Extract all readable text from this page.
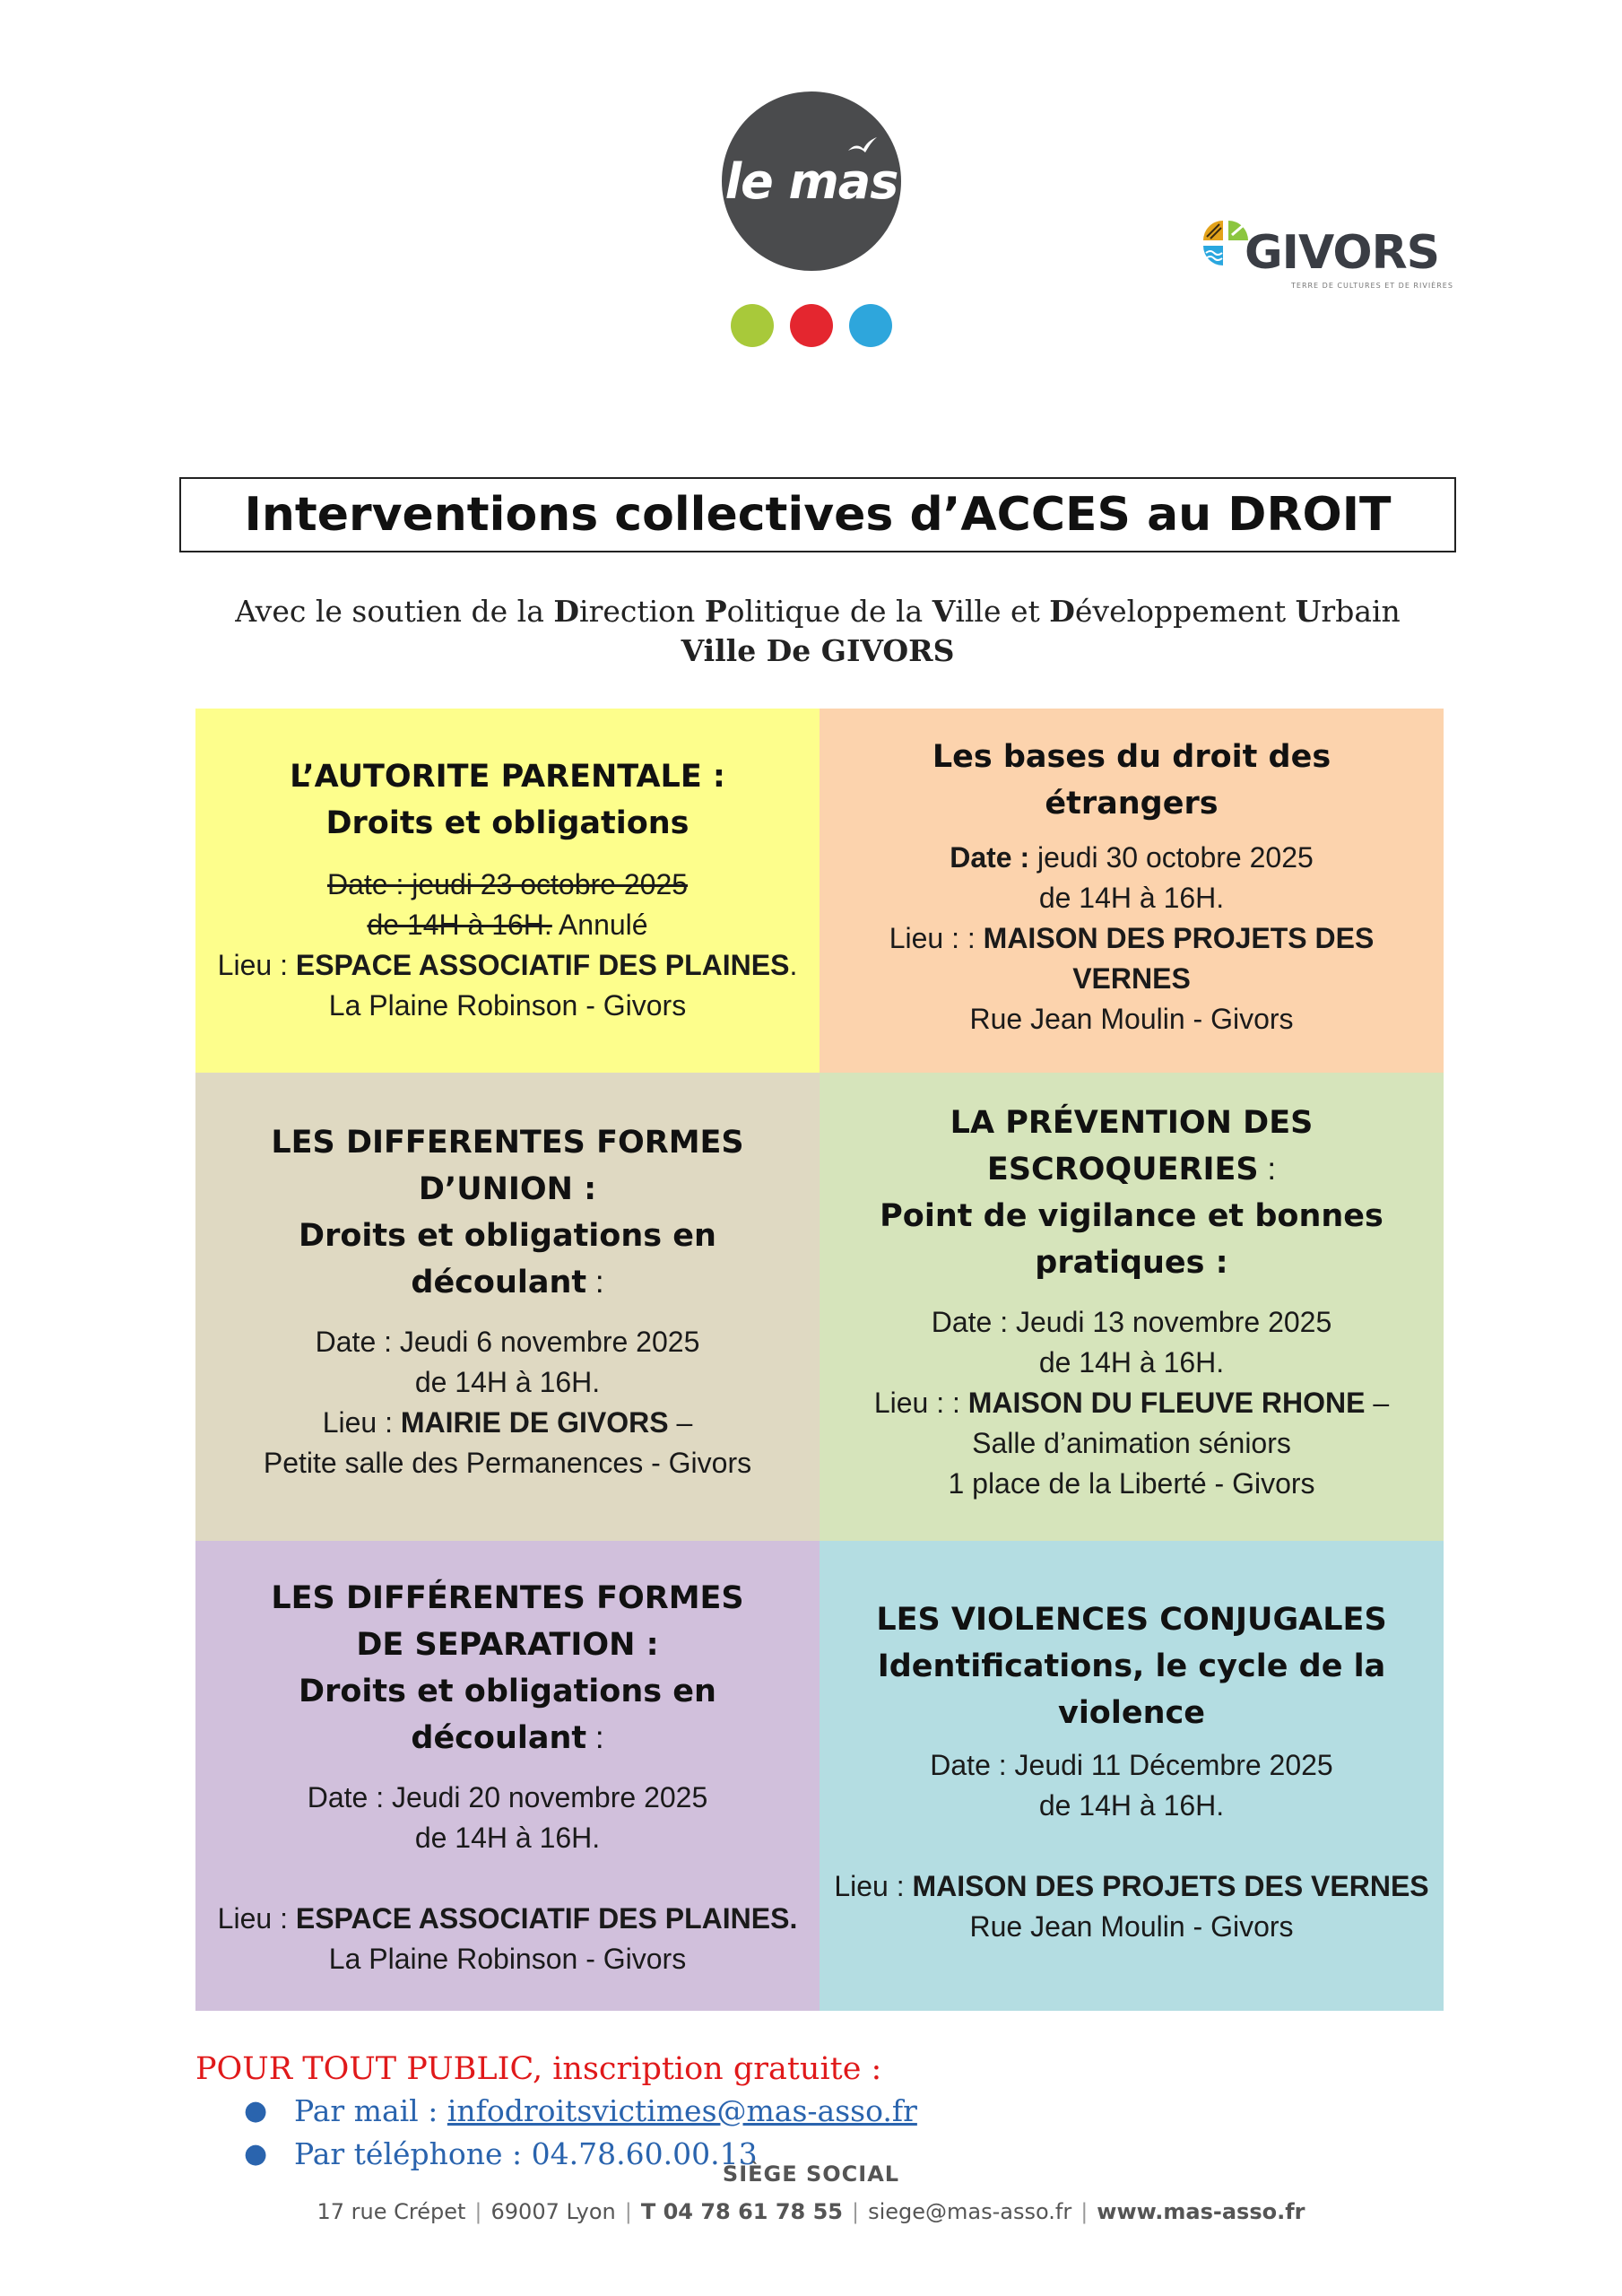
le mas
GIVORS
TERRE DE CULTURES ET DE RIVIÈRES
Interventions collectives d’ACCES au DROIT
Avec le soutien de la Direction Politique de la Ville et Développement Urbain
Ville De GIVORS
L’AUTORITE PARENTALE :
Droits et obligations
Date : jeudi 23 octobre 2025
de 14H à 16H. Annulé
Lieu : ESPACE ASSOCIATIF DES PLAINES.
La Plaine Robinson - Givors
Les bases du droit des
étrangers
Date : jeudi 30 octobre 2025
de 14H à 16H.
Lieu : : MAISON DES PROJETS DES
VERNES
Rue Jean Moulin - Givors
LES DIFFERENTES FORMES
D’UNION :
Droits et obligations en
découlant :
Date : Jeudi 6 novembre 2025
de 14H à 16H.
Lieu : MAIRIE DE GIVORS –
Petite salle des Permanences - Givors
LA PRÉVENTION DES
ESCROQUERIES :
Point de vigilance et bonnes
pratiques :
Date : Jeudi 13 novembre 2025
de 14H à 16H.
Lieu : : MAISON DU FLEUVE RHONE –
Salle d’animation séniors
1 place de la Liberté - Givors
LES DIFFÉRENTES FORMES
DE SEPARATION :
Droits et obligations en
découlant :
Date : Jeudi 20 novembre 2025
de 14H à 16H.
Lieu : ESPACE ASSOCIATIF DES PLAINES.
La Plaine Robinson - Givors
LES VIOLENCES CONJUGALES
Identifications, le cycle de la
violence
Date : Jeudi 11 Décembre 2025
de 14H à 16H.
Lieu : MAISON DES PROJETS DES VERNES
Rue Jean Moulin - Givors
POUR TOUT PUBLIC, inscription gratuite :
● Par mail : infodroitsvictimes@mas-asso.fr
● Par téléphone : 04.78.60.00.13
SIÈGE SOCIAL
17 rue Crépet | 69007 Lyon | T 04 78 61 78 55 | siege@mas-asso.fr | www.mas-asso.fr
